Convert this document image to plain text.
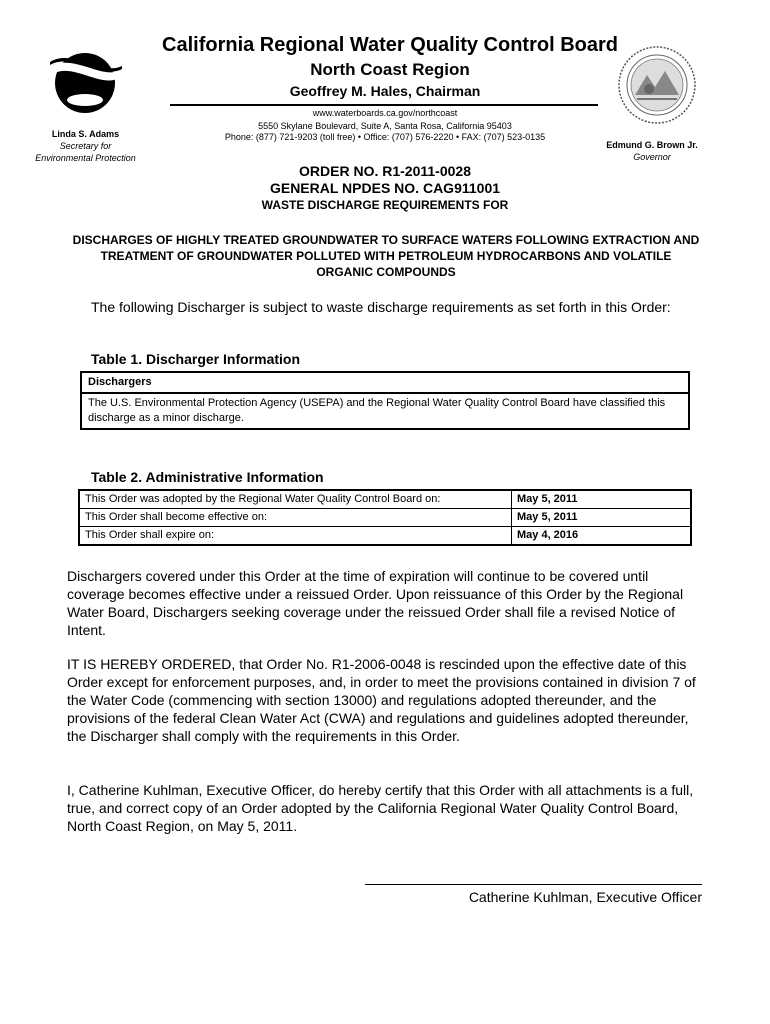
California Regional Water Quality Control Board
North Coast Region
Geoffrey M. Hales, Chairman
www.waterboards.ca.gov/northcoast
5550 Skylane Boulevard, Suite A, Santa Rosa, California 95403
Phone: (877) 721-9203 (toll free) • Office: (707) 576-2220 • FAX: (707) 523-0135
Linda S. Adams
Secretary for
Environmental Protection
Edmund G. Brown Jr.
Governor
ORDER NO. R1-2011-0028
GENERAL NPDES NO. CAG911001
WASTE DISCHARGE REQUIREMENTS FOR
DISCHARGES OF HIGHLY TREATED GROUNDWATER TO SURFACE WATERS FOLLOWING EXTRACTION AND TREATMENT OF GROUNDWATER POLLUTED WITH PETROLEUM HYDROCARBONS AND VOLATILE ORGANIC COMPOUNDS
The following Discharger is subject to waste discharge requirements as set forth in this Order:
Table 1. Discharger Information
Dischargers
The U.S. Environmental Protection Agency (USEPA) and the Regional Water Quality Control Board have classified this discharge as a minor discharge.
Table 2. Administrative Information
This Order was adopted by the Regional Water Quality Control Board on:	May 5, 2011
This Order shall become effective on:	May 5, 2011
This Order shall expire on:	May 4, 2016
Dischargers covered under this Order at the time of expiration will continue to be covered until coverage becomes effective under a reissued Order. Upon reissuance of this Order by the Regional Water Board, Dischargers seeking coverage under the reissued Order shall file a revised Notice of Intent.
IT IS HEREBY ORDERED, that Order No. R1-2006-0048 is rescinded upon the effective date of this Order except for enforcement purposes, and, in order to meet the provisions contained in division 7 of the Water Code (commencing with section 13000) and regulations adopted thereunder, and the provisions of the federal Clean Water Act (CWA) and regulations and guidelines adopted thereunder, the Discharger shall comply with the requirements in this Order.
I, Catherine Kuhlman, Executive Officer, do hereby certify that this Order with all attachments is a full, true, and correct copy of an Order adopted by the California Regional Water Quality Control Board, North Coast Region, on May 5, 2011.
Catherine Kuhlman, Executive Officer
